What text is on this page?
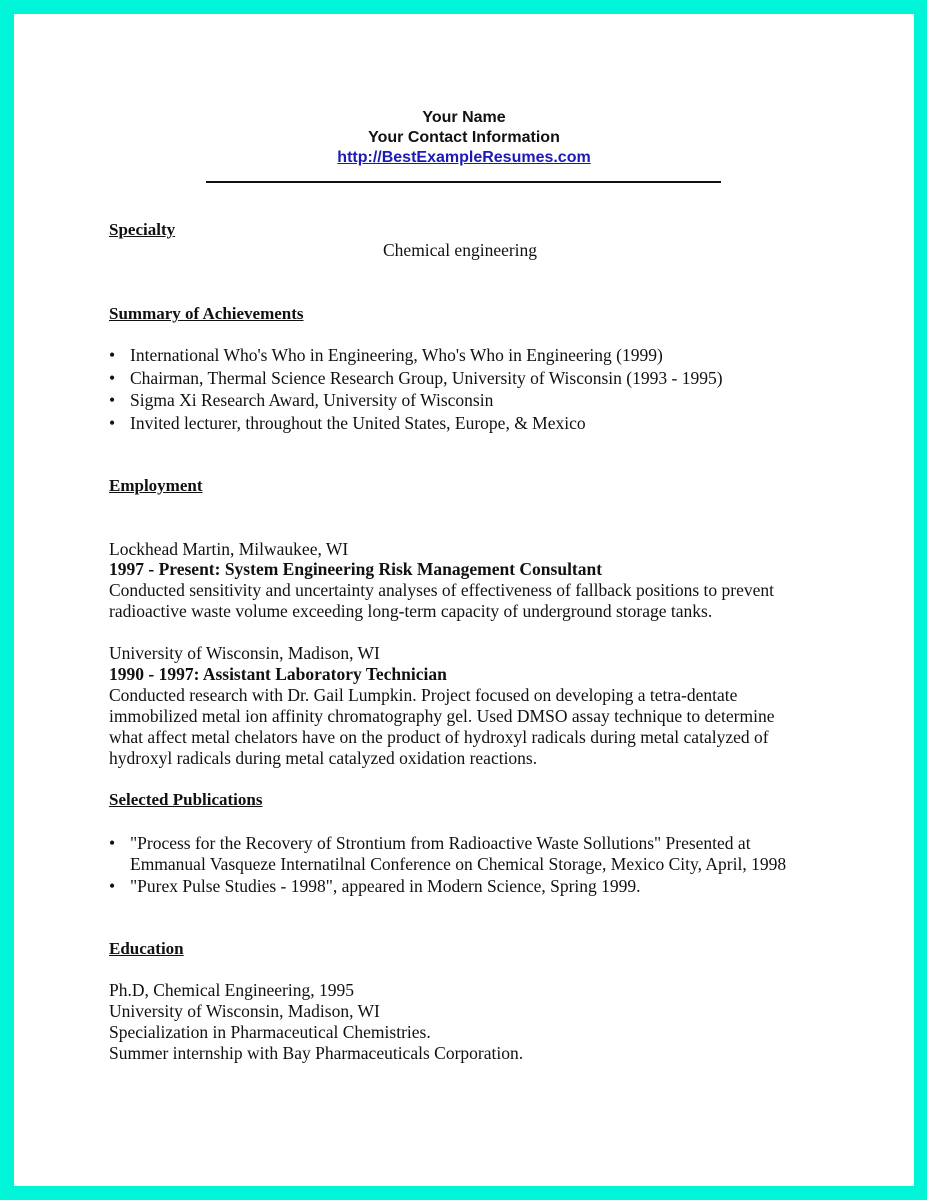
Your Name
Your Contact Information
http://BestExampleResumes.com
Specialty
Chemical engineering
Summary of Achievements
• International Who's Who in Engineering, Who's Who in Engineering (1999)
• Chairman, Thermal Science Research Group, University of Wisconsin (1993 - 1995)
• Sigma Xi Research Award, University of Wisconsin
• Invited lecturer, throughout the United States, Europe, & Mexico
Employment
Lockhead Martin, Milwaukee, WI
1997 - Present: System Engineering Risk Management Consultant
Conducted sensitivity and uncertainty analyses of effectiveness of fallback positions to prevent
radioactive waste volume exceeding long-term capacity of underground storage tanks.
University of Wisconsin, Madison, WI
1990 - 1997: Assistant Laboratory Technician
Conducted research with Dr. Gail Lumpkin. Project focused on developing a tetra-dentate
immobilized metal ion affinity chromatography gel. Used DMSO assay technique to determine
what affect metal chelators have on the product of hydroxyl radicals during metal catalyzed of
hydroxyl radicals during metal catalyzed oxidation reactions.
Selected Publications
• "Process for the Recovery of Strontium from Radioactive Waste Sollutions" Presented at
Emmanual Vasqueze Internatilnal Conference on Chemical Storage, Mexico City, April, 1998
• "Purex Pulse Studies - 1998", appeared in Modern Science, Spring 1999.
Education
Ph.D, Chemical Engineering, 1995
University of Wisconsin, Madison, WI
Specialization in Pharmaceutical Chemistries.
Summer internship with Bay Pharmaceuticals Corporation.
